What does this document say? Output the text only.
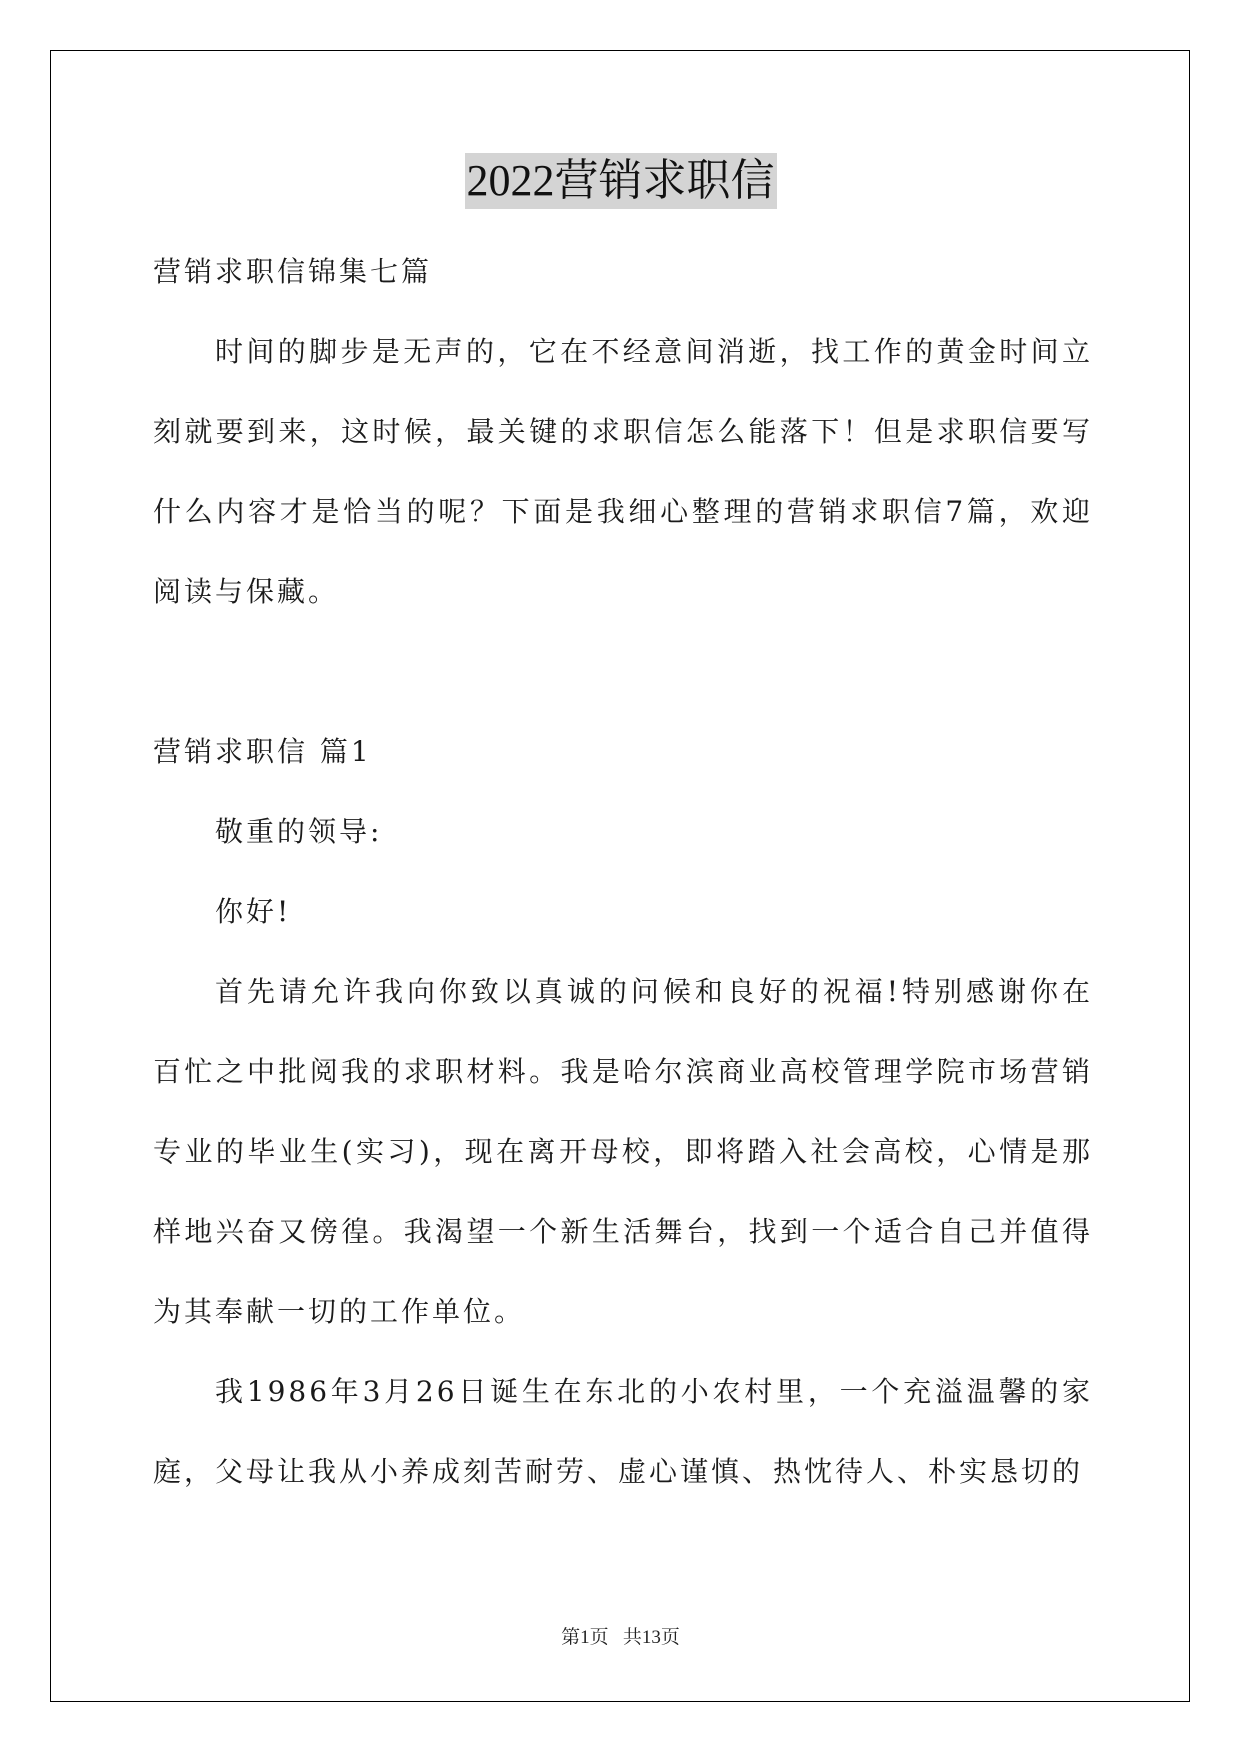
2022营销求职信

营销求职信锦集七篇

时间的脚步是无声的，它在不经意间消逝，找工作的黄金时间立刻就要到来，这时候，最关键的求职信怎么能落下！但是求职信要写什么内容才是恰当的呢？下面是我细心整理的营销求职信7篇，欢迎阅读与保藏。

营销求职信 篇1

敬重的领导:

你好!

首先请允许我向你致以真诚的问候和良好的祝福!特别感谢你在百忙之中批阅我的求职材料。我是哈尔滨商业高校管理学院市场营销专业的毕业生(实习)，现在离开母校，即将踏入社会高校，心情是那样地兴奋又傍徨。我渴望一个新生活舞台，找到一个适合自己并值得为其奉献一切的工作单位。

我1986年3月26日诞生在东北的小农村里，一个充溢温馨的家庭，父母让我从小养成刻苦耐劳、虚心谨慎、热忱待人、朴实恳切的

第1页   共13页
